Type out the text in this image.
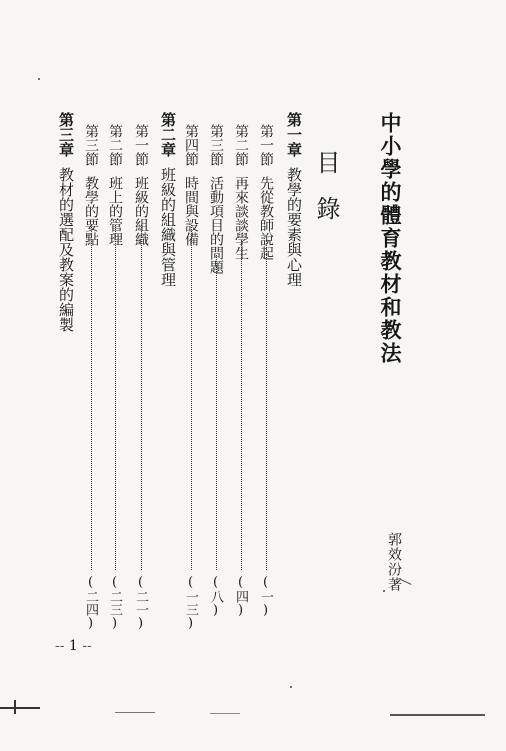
中小學的體育教材和教法
目錄
郭效汾著
第一章教學的要素與心理
第一節先從教師說起
(一)
第二節再來談談學生
(四)
第三節活動項目的問題
(八)
第四節時間與設備
(一三)
第二章班級的組織與管理
第一節班級的組織
(二一)
第二節班上的管理
(二三)
第三節教學的要點
(二四)
第三章教材的選配及教案的編製
-- 1 --
